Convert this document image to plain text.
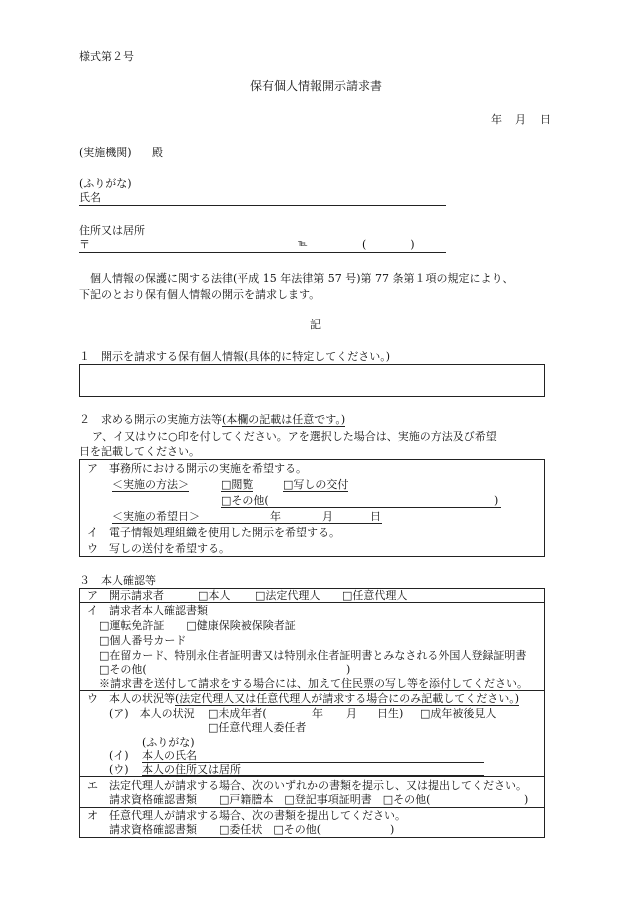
様式第２号
保有個人情報開示請求書
年 月 日
(実施機関) 殿
(ふりがな)
氏名
住所又は居所
〒	℡	(　　　　)
個人情報の保護に関する法律(平成 15 年法律第 57 号)第 77 条第１項の規定により、
下記のとおり保有個人情報の開示を請求します。
記
１　開示を請求する保有個人情報(具体的に特定してください。)
２　求める開示の実施方法等(本欄の記載は任意です。)
ア、イ又はウに○印を付してください。アを選択した場合は、実施の方法及び希望
日を記載してください。
ア　事務所における開示の実施を希望する。
＜実施の方法＞	□閲覧	□写しの交付
□その他(	)
＜実施の希望日＞	年	月	日
イ　電子情報処理組織を使用した開示を希望する。
ウ　写しの送付を希望する。
３　本人確認等
ア　開示請求者	□本人 □法定代理人 □任意代理人
イ　請求者本人確認書類
□運転免許証　　□健康保険被保険者証
□個人番号カード
□在留カード、特別永住者証明書又は特別永住者証明書とみなされる外国人登録証明書
□その他(	)
※請求書を送付して請求をする場合には、加えて住民票の写し等を添付してください。
ウ　本人の状況等(法定代理人又は任意代理人が請求する場合にのみ記載してください。)
(ア)　本人の状況 □未成年者(	年 月 日生) □成年被後見人
□任意代理人委任者
(ふりがな)
(イ) 本人の氏名
(ウ) 本人の住所又は居所
エ　法定代理人が請求する場合、次のいずれかの書類を提示し、又は提出してください。
請求資格確認書類　　□戸籍謄本　□登記事項証明書　□その他(	)
オ　任意代理人が請求する場合、次の書類を提出してください。
請求資格確認書類　　□委任状　□その他(	)
